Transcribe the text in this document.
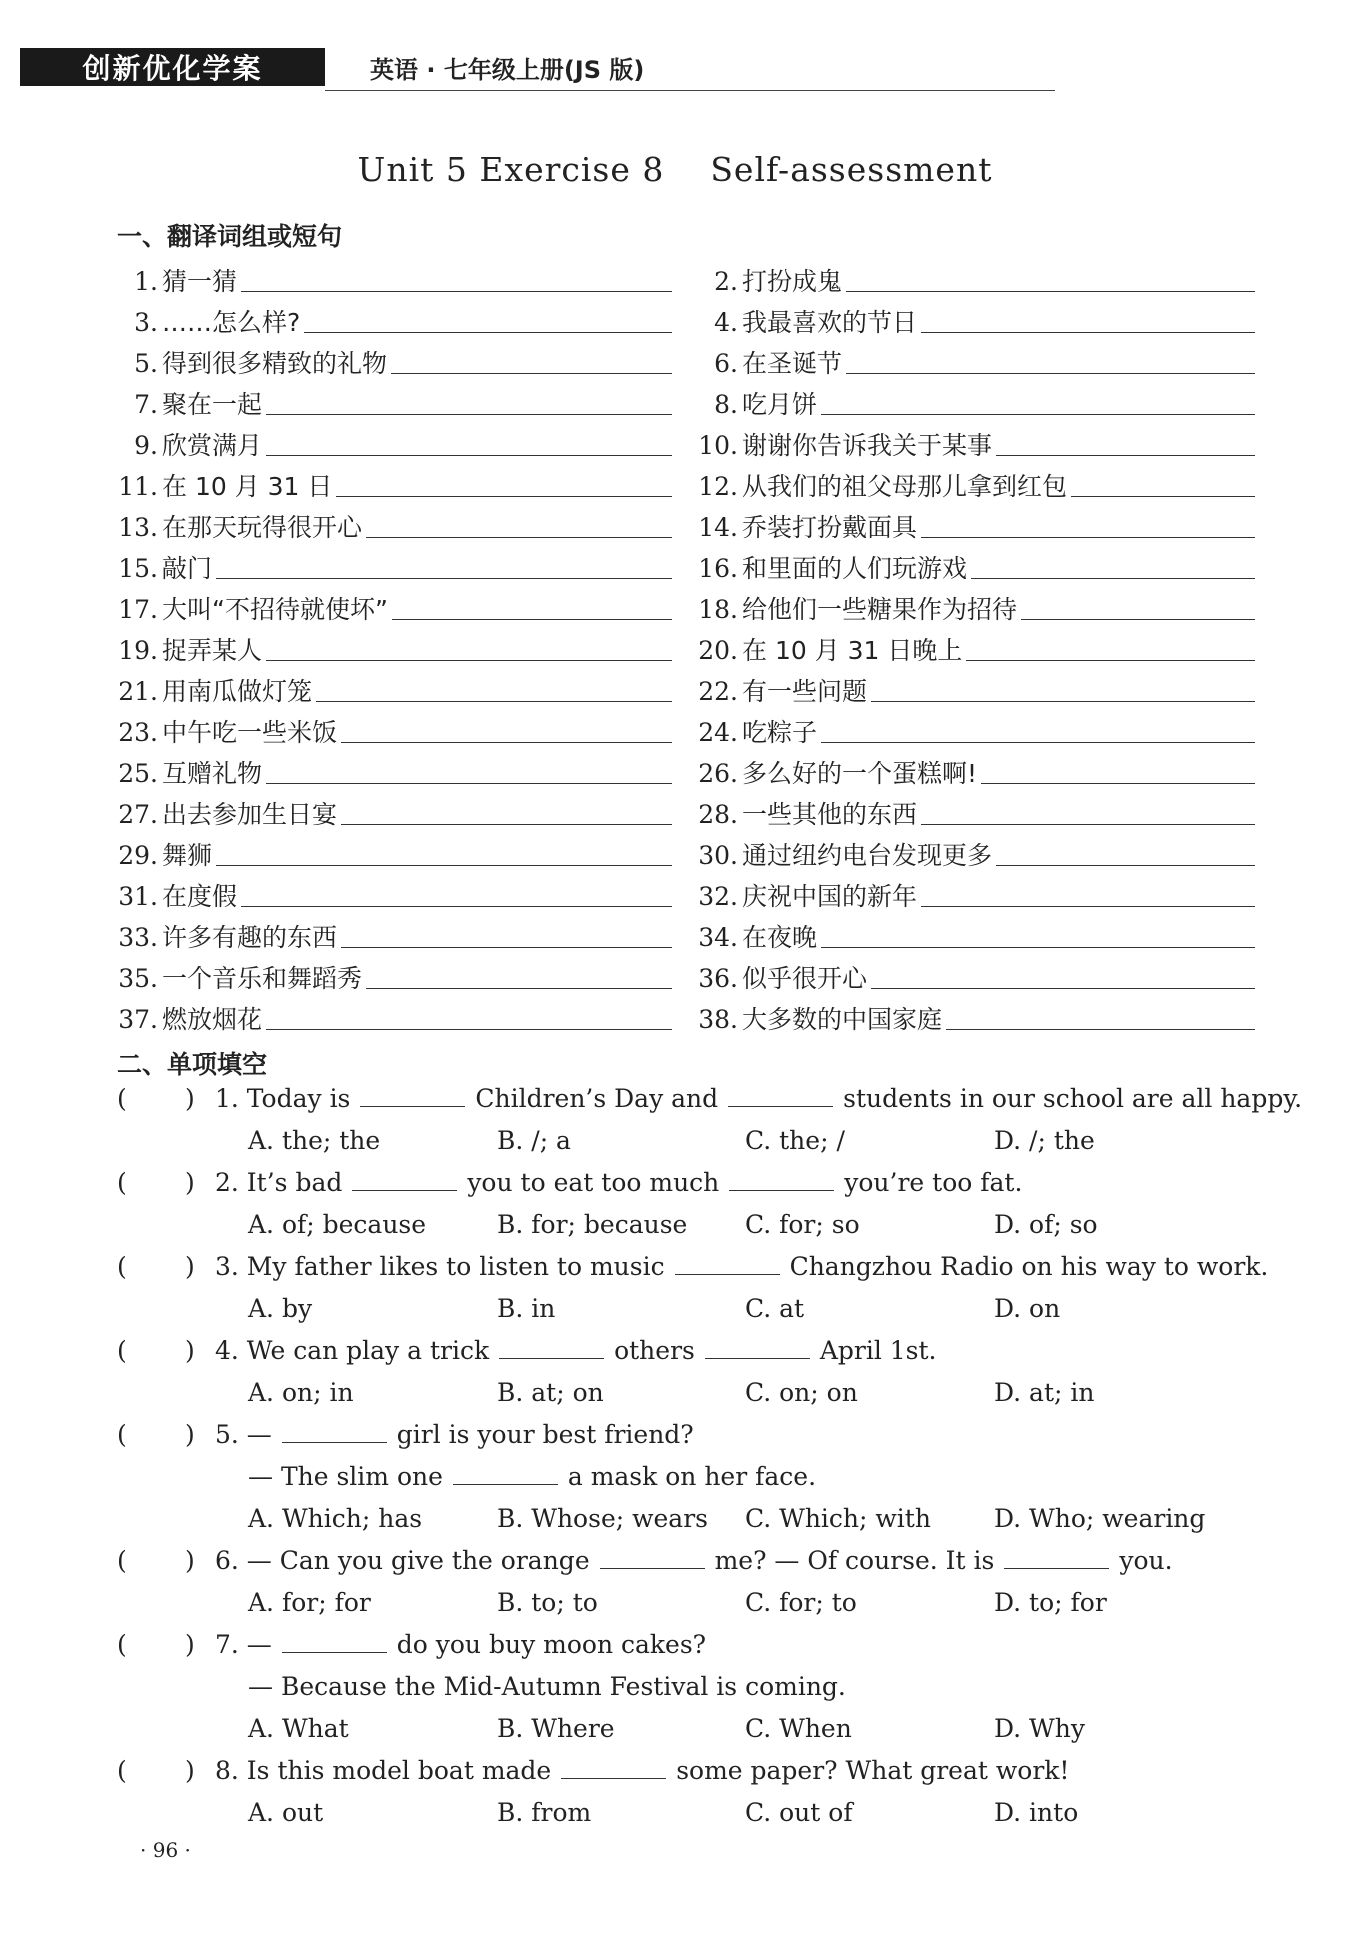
创新优化学案	英语 · 七年级上册(JS 版)
Unit 5 Exercise 8    Self-assessment
一、翻译词组或短句
1. 猜一猜	2. 打扮成鬼
3. ……怎么样?	4. 我最喜欢的节日
5. 得到很多精致的礼物	6. 在圣诞节
7. 聚在一起	8. 吃月饼
9. 欣赏满月	10. 谢谢你告诉我关于某事
11. 在 10 月 31 日	12. 从我们的祖父母那儿拿到红包
13. 在那天玩得很开心	14. 乔装打扮戴面具
15. 敲门	16. 和里面的人们玩游戏
17. 大叫“不招待就使坏”	18. 给他们一些糖果作为招待
19. 捉弄某人	20. 在 10 月 31 日晚上
21. 用南瓜做灯笼	22. 有一些问题
23. 中午吃一些米饭	24. 吃粽子
25. 互赠礼物	26. 多么好的一个蛋糕啊!
27. 出去参加生日宴	28. 一些其他的东西
29. 舞狮	30. 通过纽约电台发现更多
31. 在度假	32. 庆祝中国的新年
33. 许多有趣的东西	34. 在夜晚
35. 一个音乐和舞蹈秀	36. 似乎很开心
37. 燃放烟花	38. 大多数的中国家庭
二、单项填空
( ) 1. Today is	Children’s Day and	students in our school are all happy.
A. the; the	B. /; a	C. the; /	D. /; the
( ) 2. It’s bad	you to eat too much	you’re too fat.
A. of; because	B. for; because C. for; so	D. of; so
( ) 3. My father likes to listen to music	Changzhou Radio on his way to work.
A. by	B. in	C. at	D. on
( ) 4. We can play a trick	others	April 1st.
A. on; in	B. at; on	C. on; on	D. at; in
( ) 5. —	girl is your best friend?
— The slim one	a mask on her face.
A. Which; has	B. Whose; wears C. Which; with	D. Who; wearing
( ) 6. — Can you give the orange	me? — Of course. It is	you.
A. for; for	B. to; to	C. for; to	D. to; for
( ) 7. —	do you buy moon cakes?
— Because the Mid-Autumn Festival is coming.
A. What	B. Where	C. When	D. Why
( ) 8. Is this model boat made	some paper? What great work!
A. out	B. from	C. out of	D. into
· 96 ·
